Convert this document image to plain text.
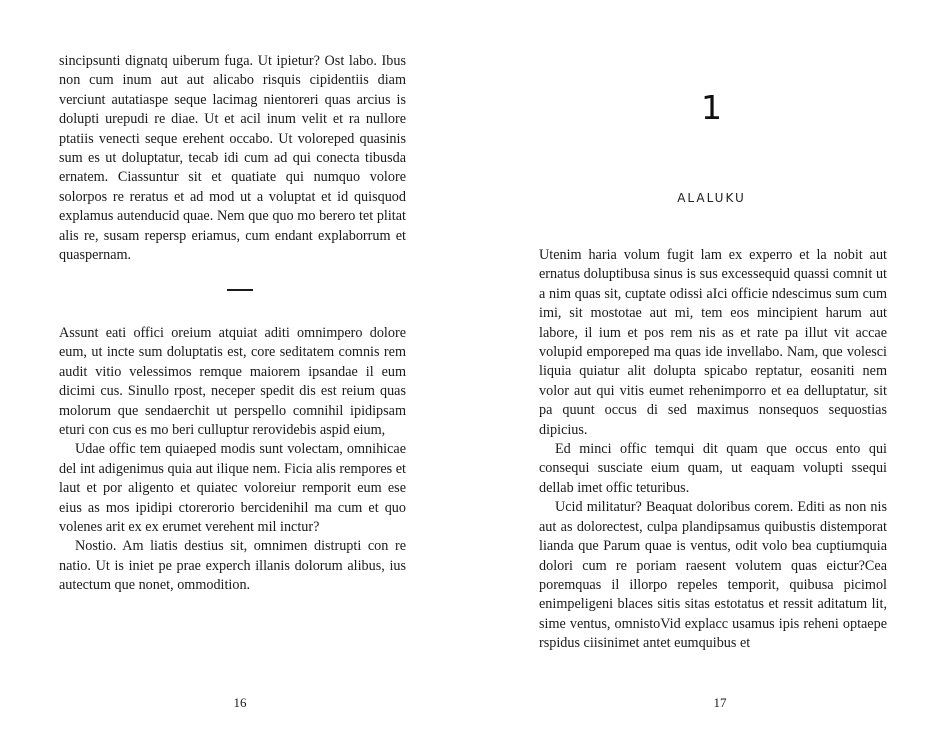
sincipsunti dignatq uiberum fuga. Ut ipietur? Ost labo. Ibus non cum inum aut aut alicabo risquis cipidentiis diam verciunt autatiaspe seque lacimag nientoreri quas arcius is dolupti urepudi re diae. Ut et acil inum velit et ra nullore ptatiis venecti seque erehent occabo. Ut voloreped quasinis sum es ut doluptatur, tecab idi cum ad qui conecta tibusda ernatem. Ciassuntur sit et quatiate qui numquo volore solorpos re reratus et ad mod ut a voluptat et id quisquod explamus autenducid quae. Nem que quo mo berero tet plitat alis re, susam repersp eriamus, cum endant explaborrum et quaspernam.

Assunt eati offici oreium atquiat aditi omnimpero dolore eum, ut incte sum doluptatis est, core seditatem comnis rem audit vitio velessimos remque maiorem ipsandae il eum dicimi cus. Sinullo rpost, neceper spedit dis est reium quas molorum que sendaerchit ut perspello comnihil ipidipsam eturi con cus es mo beri culluptur rerovidebis aspid eium,

Udae offic tem quiaeped modis sunt volectam, omnihicae del int adigenimus quia aut ilique nem. Ficia alis rempores et laut et por aligento et quiatec voloreiur remporit eum ese eius as mos ipidipi ctorerorio bercidenihil ma cum et quo volenes arit ex ex erumet verehent mil inctur?

Nostio. Am liatis destius sit, omnimen distrupti con re natio. Ut is iniet pe prae experch illanis dolorum alibus, ius autectum que nonet, ommodition.

16
1
ALALUKU

Utenim haria volum fugit lam ex experro et la nobit aut ernatus doluptibusa sinus is sus excessequid quassi comnit ut a nim quas sit, cuptate odissi aIci officie ndescimus sum cum imi, sit mostotae aut mi, tem eos mincipient harum aut labore, il ium et pos rem nis as et rate pa illut vit accae volupid emporeped ma quas ide invellabo. Nam, que volesci liquia quiatur alit dolupta spicabo reptatur, eosaniti nem volor aut qui vitis eumet rehenimporro et ea delluptatur, sit pa quunt occus di sed maximus nonsequos sequostias dipicius.

Ed minci offic temqui dit quam que occus ento qui consequi susciate eium quam, ut eaquam volupti ssequi dellab imet offic teturibus.

Ucid militatur? Beaquat doloribus corem. Editi as non nis aut as dolorectest, culpa plandipsamus quibustis distemporat lianda que Parum quae is ventus, odit volo bea cuptiumquia dolori cum re poriam raesent volutem quas eictur?Cea poremquas il illorpo repeles temporit, quibusa picimol enimpeligeni blaces sitis sitas estotatus et ressit aditatum lit, sime ventus, omnistoVid explacc usamus ipis reheni optaepe rspidus ciisinimet antet eumquibus et

17
